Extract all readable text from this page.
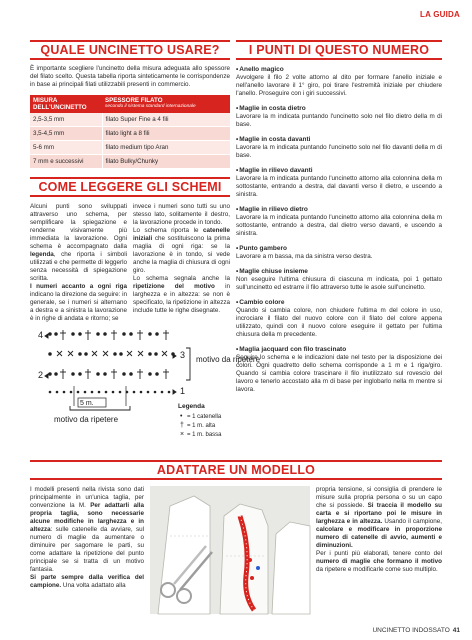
LA GUIDA
QUALE UNCINETTO USARE?

È importante scegliere l'uncinetto della misura adeguata allo spessore del filato scelto. Questa tabella riporta sinteticamente le corrispondenze in base ai principali filati utilizzabili presenti in commercio.

MISURA DELL'UNCINETTO	SPESSORE FILATO
secondo il sistema standard internazionale

2,5-3,5 mm	filato Super Fine a 4 fili
3,5-4,5 mm	filato light a 8 fili
5-6 mm	filato medium tipo Aran
7 mm e successivi	filato Bulky/Chunky
COME LEGGERE GLI SCHEMI
Alcuni punti sono sviluppati attraverso uno schema, per semplificare la spiegazione e renderne visivamente più immediata la lavorazione. Ogni schema è accompagnato dalla legenda, che riporta i simboli utilizzati e che permette di leggerlo senza necessità di spiegazione scritta.
I numeri accanto a ogni riga indicano la direzione da seguire: in generale, se i numeri si alternano a destra e a sinistra la lavorazione è in righe di andata e ritorno; se
invece i numeri sono tutti su uno stesso lato, solitamente il destro, la lavorazione procede in tondo.
Lo schema riporta le catenelle iniziali che sostituiscono la prima maglia di ogni riga: se la lavorazione è in tondo, si vede anche la maglia di chiusura di ogni giro.
Lo schema segnala anche la ripetizione del motivo in larghezza e in altezza: se non è specificato, la ripetizione in altezza include tutte le righe disegnate.
4
3
2
1
5 m.
motivo da ripetere
motivo da ripetere
Legenda
• = 1 catenella
† = 1 m. alta
× = 1 m. bassa
I PUNTI DI QUESTO NUMERO
• Anello magico

Avvolgere il filo 2 volte attorno al dito per formare l'anello iniziale e nell'anello lavorare il 1° giro, poi tirare l'estremità iniziale per chiudere l'anello. Proseguire con i giri successivi.

• Maglie in costa dietro

Lavorare la m indicata puntando l'uncinetto solo nel filo dietro della m di base.

• Maglie in costa davanti

Lavorare la m indicata puntando l'uncinetto solo nel filo davanti della m di base.

• Maglie in rilievo davanti

Lavorare la m indicata puntando l'uncinetto attorno alla colonnina della m sottostante, entrando a destra, dal davanti verso il dietro, e uscendo a sinistra.

• Maglie in rilievo dietro

Lavorare la m indicata puntando l'uncinetto attorno alla colonnina della m sottostante, entrando a destra, dal dietro verso davanti, e uscendo a sinistra.

• Punto gambero

Lavorare a m bassa, ma da sinistra verso destra.

• Maglie chiuse insieme

Non eseguire l'ultima chiusura di ciascuna m indicata, poi 1 gettato sull'uncinetto ed estrarre il filo attraverso tutte le asole sull'uncinetto.

• Cambio colore

Quando si cambia colore, non chiudere l'ultima m del colore in uso, incrociare il filato del nuovo colore con il filato del colore appena utilizzato, quindi con il nuovo colore eseguire il gettato per l'ultima chiusura della m precedente.

• Maglia jacquard con filo trascinato

Seguire lo schema e le indicazioni date nel testo per la disposizione dei colori. Ogni quadretto dello schema corrisponde a 1 m e 1 riga/giro. Quando si cambia colore trascinare il filo inutilizzato sul rovescio del lavoro e tenerlo accostato alla m di base per inglobarlo nella m mentre si lavora.

ADATTARE UN MODELLO
I modelli presenti nella rivista sono dati principalmente in un'unica taglia, per convenzione la M. Per adattarli alla propria taglia, sono necessarie alcune modifiche in larghezza e in altezza: sulle catenelle da avviare, sul numero di maglie da aumentare o diminuire per sagomare le parti, su come adattare la ripetizione del punto principale se si tratta di un motivo fantasia.
Si parte sempre dalla verifica del campione. Una volta adattato alla
propria tensione, si consiglia di prendere le misure sulla propria persona o su un capo che si possiede. Si traccia il modello su carta e si riportano poi le misure in larghezza e in altezza. Usando il campione, calcolare e modificare in proporzione numero di catenelle di avvio, aumenti e diminuzioni.
Per i punti più elaborati, tenere conto del numero di maglie che formano il motivo da ripetere e modificarle come suo multiplo.
UNCINETTO INDOSSATO 41
